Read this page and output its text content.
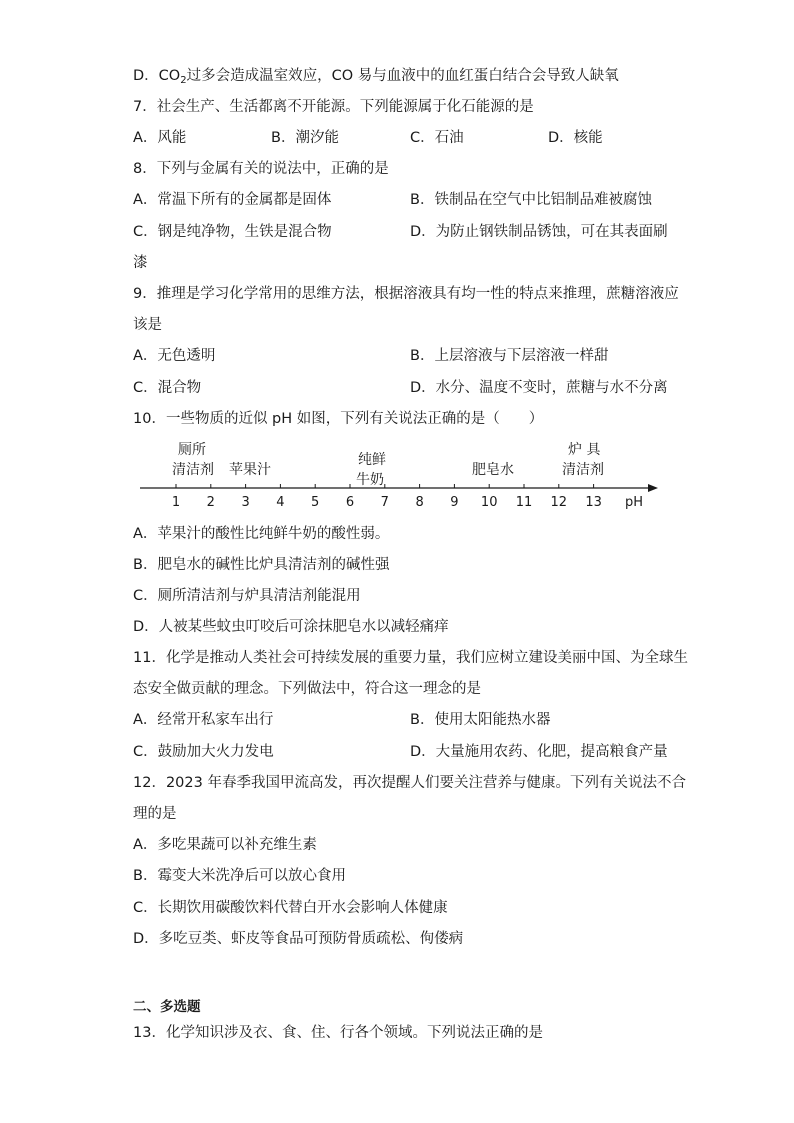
D．$CO_2$过多会造成温室效应，CO 易与血液中的血红蛋白结合会导致人缺氧
7．社会生产、生活都离不开能源。下列能源属于化石能源的是
A．风能	B．潮汐能	C．石油	D．核能
8．下列与金属有关的说法中，正确的是
A．常温下所有的金属都是固体	B．铁制品在空气中比铝制品难被腐蚀
C．钢是纯净物，生铁是混合物	D．为防止钢铁制品锈蚀，可在其表面刷
漆
9．推理是学习化学常用的思维方法，根据溶液具有均一性的特点来推理，蔗糖溶液应
该是
A．无色透明	B．上层溶液与下层溶液一样甜
C．混合物	D．水分、温度不变时，蔗糖与水不分离
10．一些物质的近似 pH 如图，下列有关说法正确的是（　　）
1 2 3 4 5 6 7 8 9 10 11 12 13 pH
厕所
清洁剂 苹果汁
纯鲜
牛奶
肥皂水
炉 具
清洁剂
A．苹果汁的酸性比纯鲜牛奶的酸性弱。
B．肥皂水的碱性比炉具清洁剂的碱性强
C．厕所清洁剂与炉具清洁剂能混用
D．人被某些蚊虫叮咬后可涂抹肥皂水以减轻痛痒
11．化学是推动人类社会可持续发展的重要力量，我们应树立建设美丽中国、为全球生
态安全做贡献的理念。下列做法中，符合这一理念的是
A．经常开私家车出行	B．使用太阳能热水器
C．鼓励加大火力发电	D．大量施用农药、化肥，提高粮食产量
12．2023 年春季我国甲流高发，再次提醒人们要关注营养与健康。下列有关说法不合
理的是
A．多吃果蔬可以补充维生素
B．霉变大米洗净后可以放心食用
C．长期饮用碳酸饮料代替白开水会影响人体健康
D．多吃豆类、虾皮等食品可预防骨质疏松、佝偻病
二、多选题
13．化学知识涉及衣、食、住、行各个领域。下列说法正确的是
